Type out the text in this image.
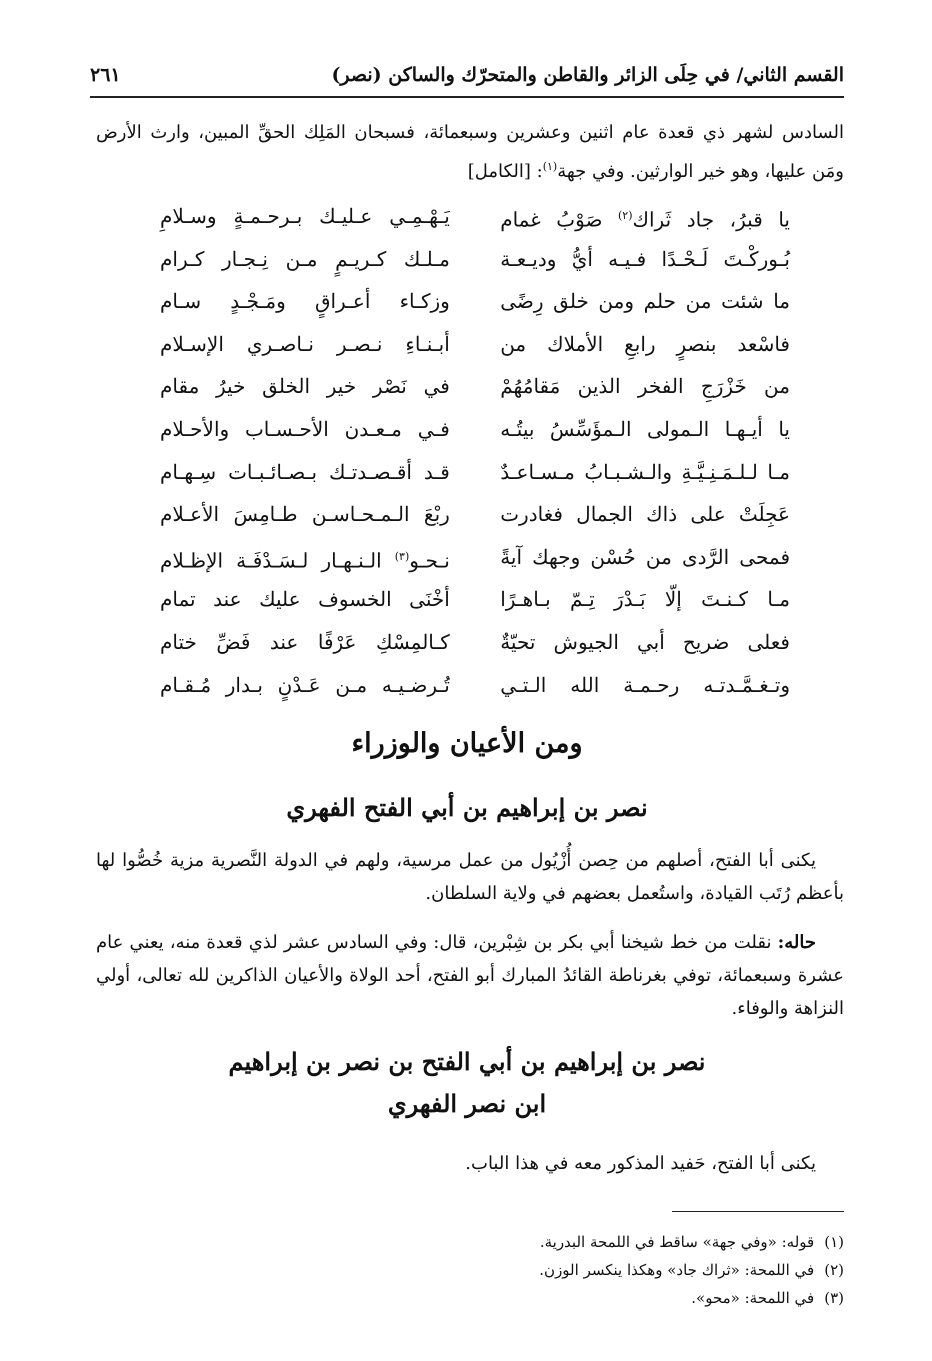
القسم الثاني/ في حِلَى الزائر والقاطن والمتحرّك والساكن (نصر)
٢٦١

السادس لشهر ذي قعدة عام اثنين وعشرين وسبعمائة، فسبحان المَلِك الحقِّ المبين، وارث الأرض ومَن عليها، وهو خير الوارثين. وفي جهة$^{(١)}$: [الكامل]

يا قبرُ، جاد ثَراك$^{(٢)}$ صَوْبُ غمام
يَـهْـمِـي عـليـك بـرحـمـةٍ وسـلامِ
بُـوركْـتَ لَـحْـدًا فـيـه أيُّ وديـعـة
مـلـك كـريـمٍ مـن نِـجـار كـرام
ما شئت من حلم ومن خلق رِضًى
وزكـاء أعـراقٍ ومَـجْـدٍ سـام
فاسْعد بنصرٍ رابعِ الأملاك من
أبـنـاءِ نـصـر نـاصـري الإسـلام
من خَزْرَجِ الفخر الذين مَقامُهُمْ
في نَصْر خير الخلق خيرُ مقام
يا أيـهـا الـمولى الـمؤَسِّسُ بيتُـه
فـي مـعـدن الأحـسـاب والأحـلام
مـا لـلـمَـنِـيَّـةِ والـشـبـابُ مـسـاعـدٌ
قـد أقـصـدتـك بـصـائـبـات سِـهـام
عَجِلَتْ على ذاك الجمال فغادرت
ربْعَ الـمـحـاسـن طـامِسَ الأعـلام
فمحى الرَّدى من حُسْن وجهك آيةً
نـحـو$^{(٣)}$ الـنـهـار لـسَـدْفَـة الإظـلام
مـا كـنـتَ إلّا بَـدْرَ تِـمّ بـاهـرًا
أخْنَى الخسوف عليك عند تمام
فعلى ضريح أبي الجيوش تحيّةٌ
كـالمِسْكِ عَرْفًا عند فَضِّ ختام
وتـغـمَّـدتـه رحـمـة الله الـتـي
تُـرضـيـه مـن عَـدْنٍ بـدار مُـقـام
ومن الأعيان والوزراء
نصر بن إبراهيم بن أبي الفتح الفهري

يكنى أبا الفتح، أصلهم من حِصن أُزْيُول من عمل مرسية، ولهم في الدولة النَّصرية مزية خُصُّوا لها بأعظم رُتَب القيادة، واستُعمل بعضهم في ولاية السلطان.

حاله: نقلت من خط شيخنا أبي بكر بن شِبْرين، قال: وفي السادس عشر لذي قعدة منه، يعني عام عشرة وسبعمائة، توفي بغرناطة القائدُ المبارك أبو الفتح، أحد الولاة والأعيان الذاكرين لله تعالى، أولي النزاهة والوفاء.

نصر بن إبراهيم بن أبي الفتح بن نصر بن إبراهيم
ابن نصر الفهري

يكنى أبا الفتح، حَفيد المذكور معه في هذا الباب.

(١)قوله: «وفي جهة» ساقط في اللمحة البدرية.
(٢)في اللمحة: «ثراك جاد» وهكذا ينكسر الوزن.
(٣)في اللمحة: «محو».
